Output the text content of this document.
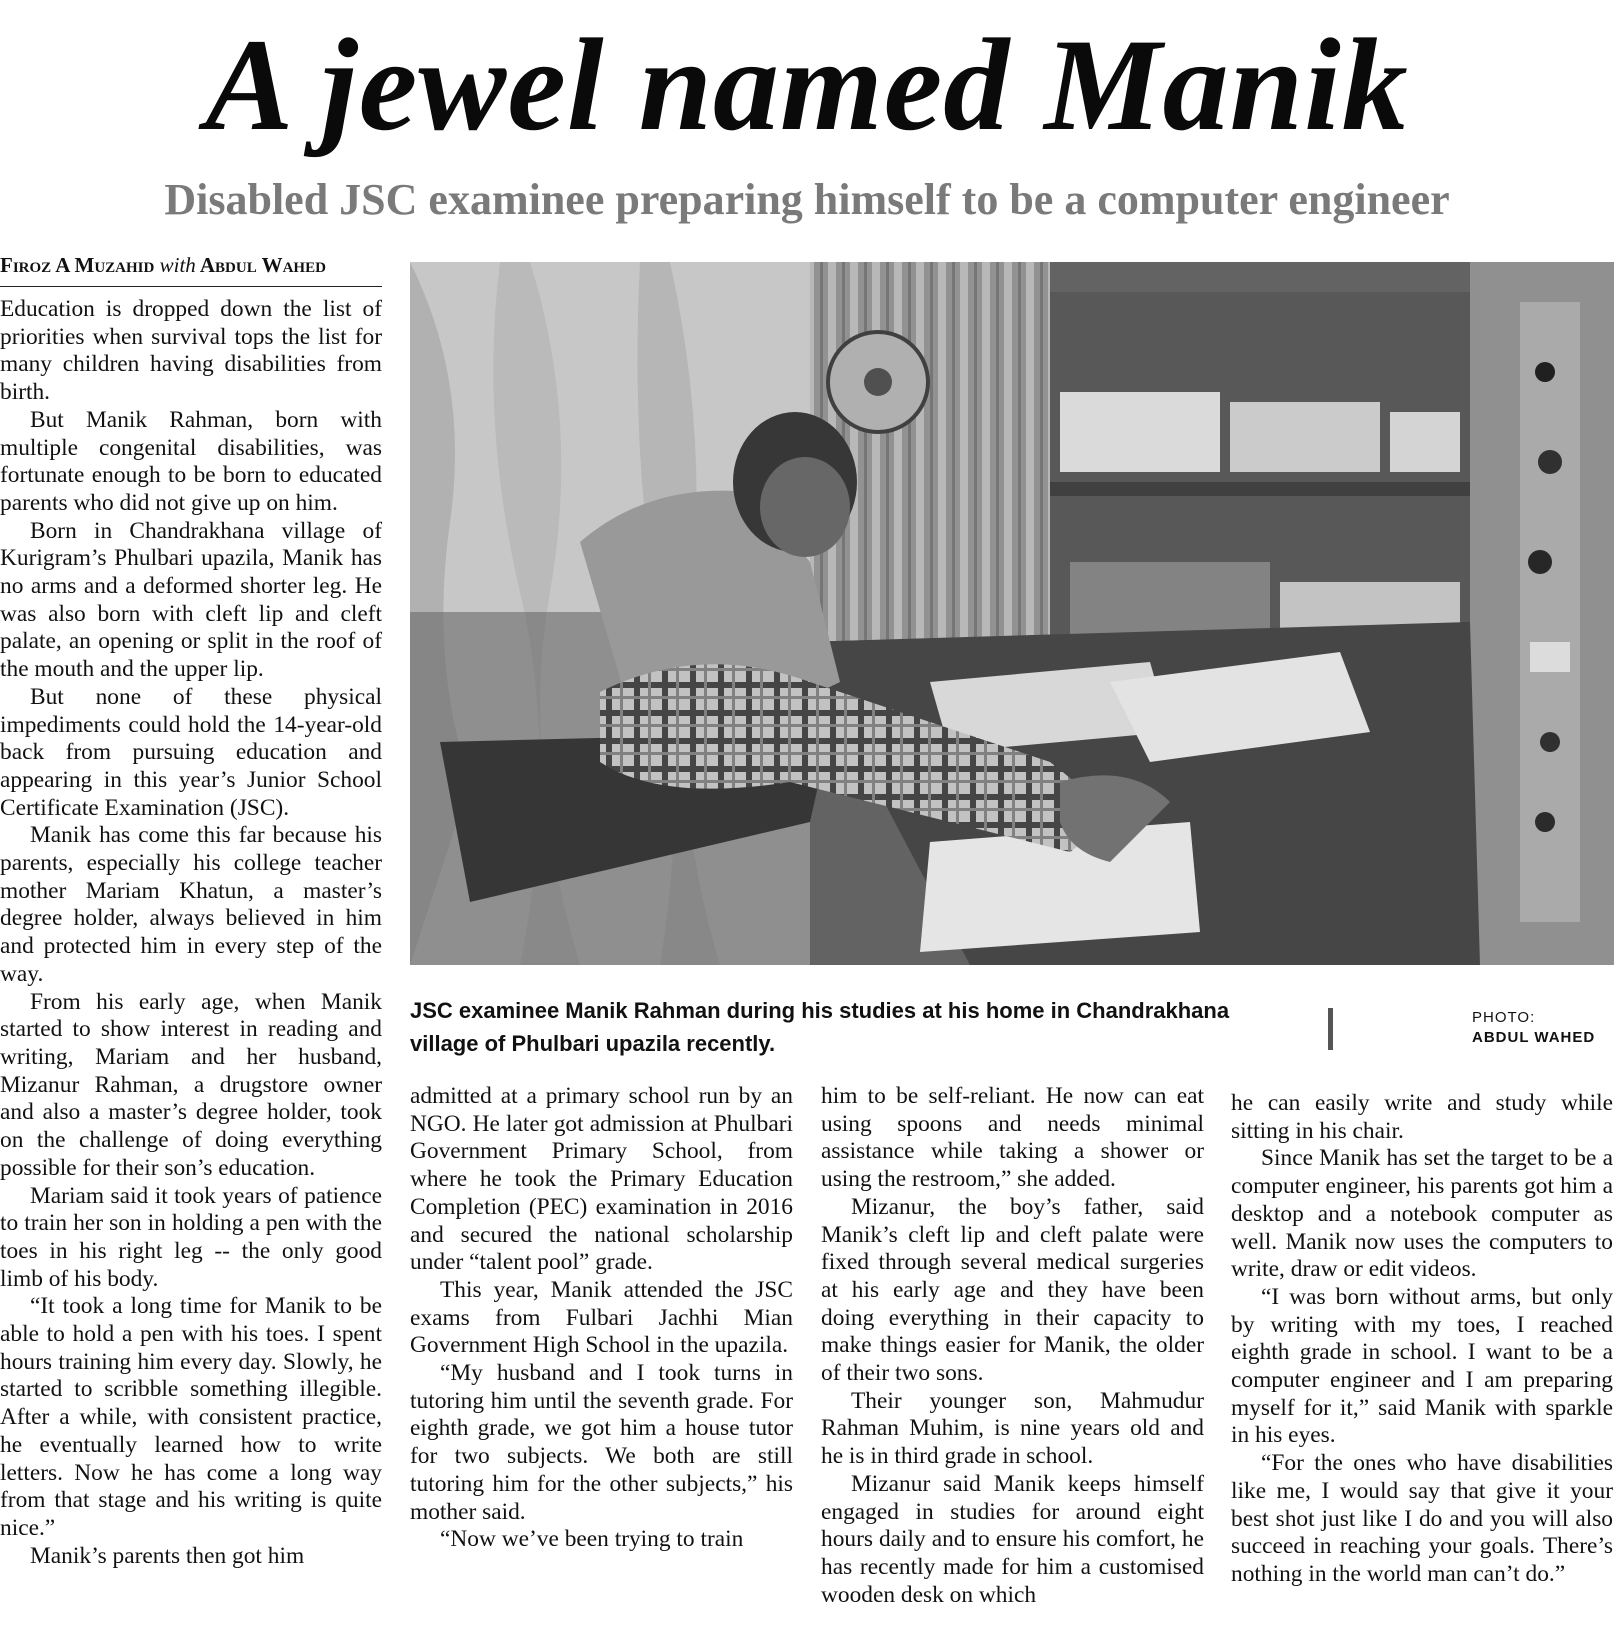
A jewel named Manik
Disabled JSC examinee preparing himself to be a computer engineer
Firoz A Muzahid with Abdul Wahed

Education is dropped down the list of priorities when survival tops the list for many children having disabilities from birth.

But Manik Rahman, born with multiple congenital disabilities, was fortunate enough to be born to educated parents who did not give up on him.

Born in Chandrakhana village of Kurigram’s Phulbari upazila, Manik has no arms and a deformed shorter leg. He was also born with cleft lip and cleft palate, an opening or split in the roof of the mouth and the upper lip.

But none of these physical impediments could hold the 14-year-old back from pursuing education and appearing in this year’s Junior School Certificate Examination (JSC).

Manik has come this far because his parents, especially his college teacher mother Mariam Khatun, a master’s degree holder, always believed in him and protected him in every step of the way.

From his early age, when Manik started to show interest in reading and writing, Mariam and her husband, Mizanur Rahman, a drugstore owner and also a master’s degree holder, took on the challenge of doing everything possible for their son’s education.

Mariam said it took years of patience to train her son in holding a pen with the toes in his right leg -- the only good limb of his body.

“It took a long time for Manik to be able to hold a pen with his toes. I spent hours training him every day. Slowly, he started to scribble something illegible. After a while, with consistent practice, he eventually learned how to write letters. Now he has come a long way from that stage and his writing is quite nice.”

Manik’s parents then got him

JSC examinee Manik Rahman during his studies at his home in Chandrakhana village of Phulbari upazila recently.
PHOTO:
ABDUL WAHED

admitted at a primary school run by an NGO. He later got admission at Phulbari Government Primary School, from where he took the Primary Education Completion (PEC) examination in 2016 and secured the national scholarship under “talent pool” grade.

This year, Manik attended the JSC exams from Fulbari Jachhi Mian Government High School in the upazila.

“My husband and I took turns in tutoring him until the seventh grade. For eighth grade, we got him a house tutor for two subjects. We both are still tutoring him for the other subjects,” his mother said.

“Now we’ve been trying to train

him to be self-reliant. He now can eat using spoons and needs minimal assistance while taking a shower or using the restroom,” she added.

Mizanur, the boy’s father, said Manik’s cleft lip and cleft palate were fixed through several medical surgeries at his early age and they have been doing everything in their capacity to make things easier for Manik, the older of their two sons.

Their younger son, Mahmudur Rahman Muhim, is nine years old and he is in third grade in school.

Mizanur said Manik keeps himself engaged in studies for around eight hours daily and to ensure his comfort, he has recently made for him a customised wooden desk on which

he can easily write and study while sitting in his chair.

Since Manik has set the target to be a computer engineer, his parents got him a desktop and a notebook computer as well. Manik now uses the computers to write, draw or edit videos.

“I was born without arms, but only by writing with my toes, I reached eighth grade in school. I want to be a computer engineer and I am preparing myself for it,” said Manik with sparkle in his eyes.

“For the ones who have disabilities like me, I would say that give it your best shot just like I do and you will also succeed in reaching your goals. There’s nothing in the world man can’t do.”
